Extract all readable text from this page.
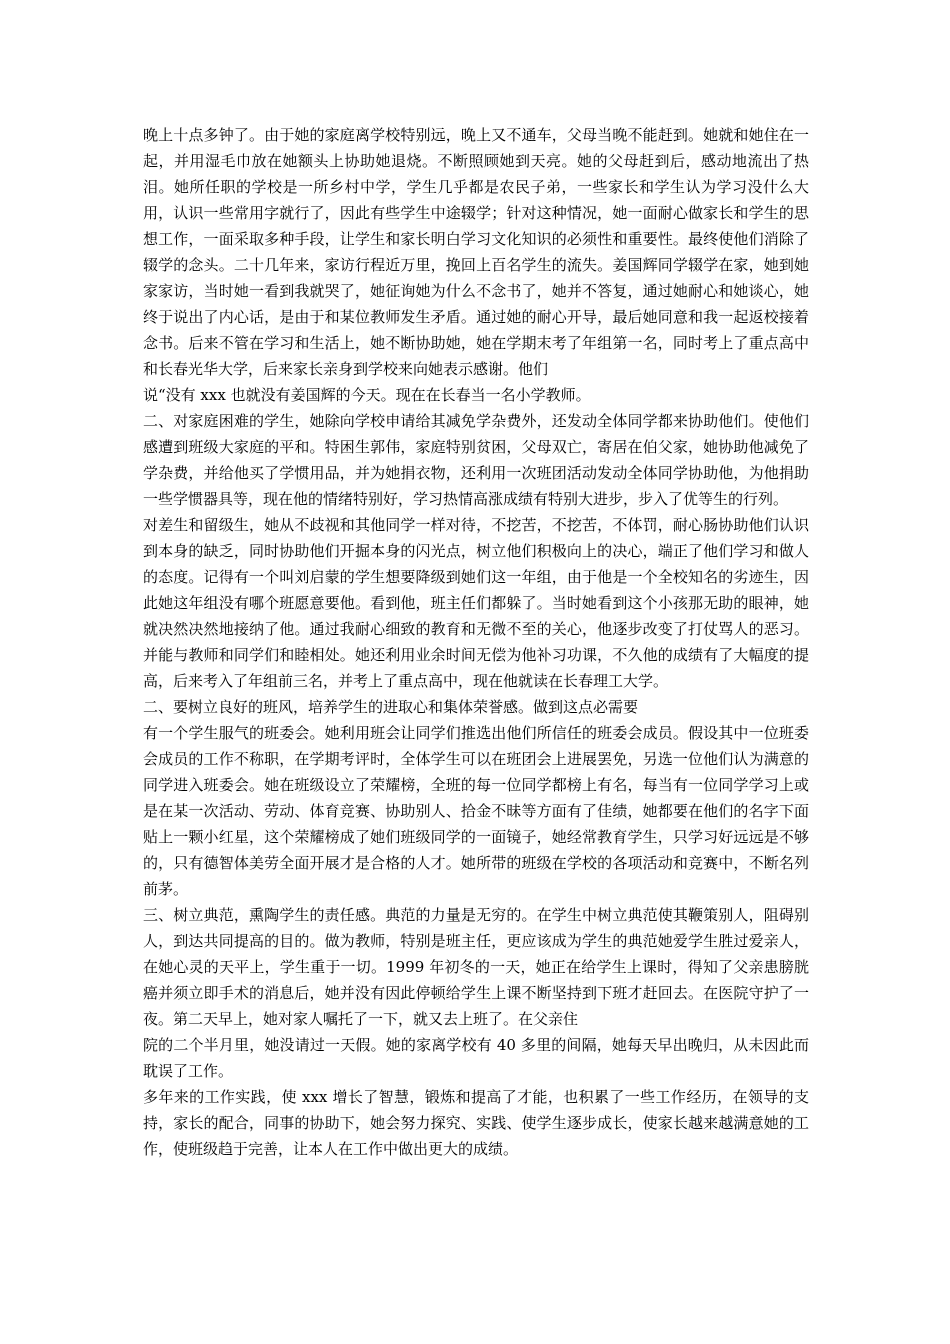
晚上十点多钟了。由于她的家庭离学校特别远，晚上又不通车，父母当晚不能赶到。她就和她住在一起，并用湿毛巾放在她额头上协助她退烧。不断照顾她到天亮。她的父母赶到后，感动地流出了热泪。她所任职的学校是一所乡村中学，学生几乎都是农民子弟，一些家长和学生认为学习没什么大用，认识一些常用字就行了，因此有些学生中途辍学；针对这种情况，她一面耐心做家长和学生的思想工作，一面采取多种手段，让学生和家长明白学习文化知识的必须性和重要性。最终使他们消除了辍学的念头。二十几年来，家访行程近万里，挽回上百名学生的流失。姜国辉同学辍学在家，她到她家家访，当时她一看到我就哭了，她征询她为什么不念书了，她并不答复，通过她耐心和她谈心，她终于说出了内心话，是由于和某位教师发生矛盾。通过她的耐心开导，最后她同意和我一起返校接着念书。后来不管在学习和生活上，她不断协助她，她在学期末考了年组第一名，同时考上了重点高中和长春光华大学，后来家长亲身到学校来向她表示感谢。他们

说“没有 xxx 也就没有姜国辉的今天。现在在长春当一名小学教师。

二、对家庭困难的学生，她除向学校申请给其减免学杂费外，还发动全体同学都来协助他们。使他们感遭到班级大家庭的平和。特困生郭伟，家庭特别贫困，父母双亡，寄居在伯父家，她协助他减免了学杂费，并给他买了学惯用品，并为她捐衣物，还利用一次班团活动发动全体同学协助他，为他捐助一些学惯器具等，现在他的情绪特别好，学习热情高涨成绩有特别大进步，步入了优等生的行列。

对差生和留级生，她从不歧视和其他同学一样对待，不挖苦，不挖苦，不体罚，耐心肠协助他们认识到本身的缺乏，同时协助他们开掘本身的闪光点，树立他们积极向上的决心，端正了他们学习和做人的态度。记得有一个叫刘启蒙的学生想要降级到她们这一年组，由于他是一个全校知名的劣迹生，因此她这年组没有哪个班愿意要他。看到他，班主任们都躲了。当时她看到这个小孩那无助的眼神，她就决然决然地接纳了他。通过我耐心细致的教育和无微不至的关心，他逐步改变了打仗骂人的恶习。并能与教师和同学们和睦相处。她还利用业余时间无偿为他补习功课，不久他的成绩有了大幅度的提高，后来考入了年组前三名，并考上了重点高中，现在他就读在长春理工大学。

二、要树立良好的班风，培养学生的进取心和集体荣誉感。做到这点必需要

有一个学生服气的班委会。她利用班会让同学们推选出他们所信任的班委会成员。假设其中一位班委会成员的工作不称职，在学期考评时，全体学生可以在班团会上进展罢免，另选一位他们认为满意的同学进入班委会。她在班级设立了荣耀榜，全班的每一位同学都榜上有名，每当有一位同学学习上或是在某一次活动、劳动、体育竞赛、协助别人、拾金不昧等方面有了佳绩，她都要在他们的名字下面贴上一颗小红星，这个荣耀榜成了她们班级同学的一面镜子，她经常教育学生，只学习好远远是不够的，只有德智体美劳全面开展才是合格的人才。她所带的班级在学校的各项活动和竞赛中，不断名列前茅。

三、树立典范，熏陶学生的责任感。典范的力量是无穷的。在学生中树立典范使其鞭策别人，阻碍别人，到达共同提高的目的。做为教师，特别是班主任，更应该成为学生的典范她爱学生胜过爱亲人，在她心灵的天平上，学生重于一切。1999 年初冬的一天，她正在给学生上课时，得知了父亲患膀胱癌并须立即手术的消息后，她并没有因此停顿给学生上课不断坚持到下班才赶回去。在医院守护了一夜。第二天早上，她对家人嘱托了一下，就又去上班了。在父亲住

院的二个半月里，她没请过一天假。她的家离学校有 40 多里的间隔，她每天早出晚归，从未因此而耽误了工作。

多年来的工作实践，使 xxx 增长了智慧，锻炼和提高了才能，也积累了一些工作经历，在领导的支持，家长的配合，同事的协助下，她会努力探究、实践、使学生逐步成长，使家长越来越满意她的工作，使班级趋于完善，让本人在工作中做出更大的成绩。
